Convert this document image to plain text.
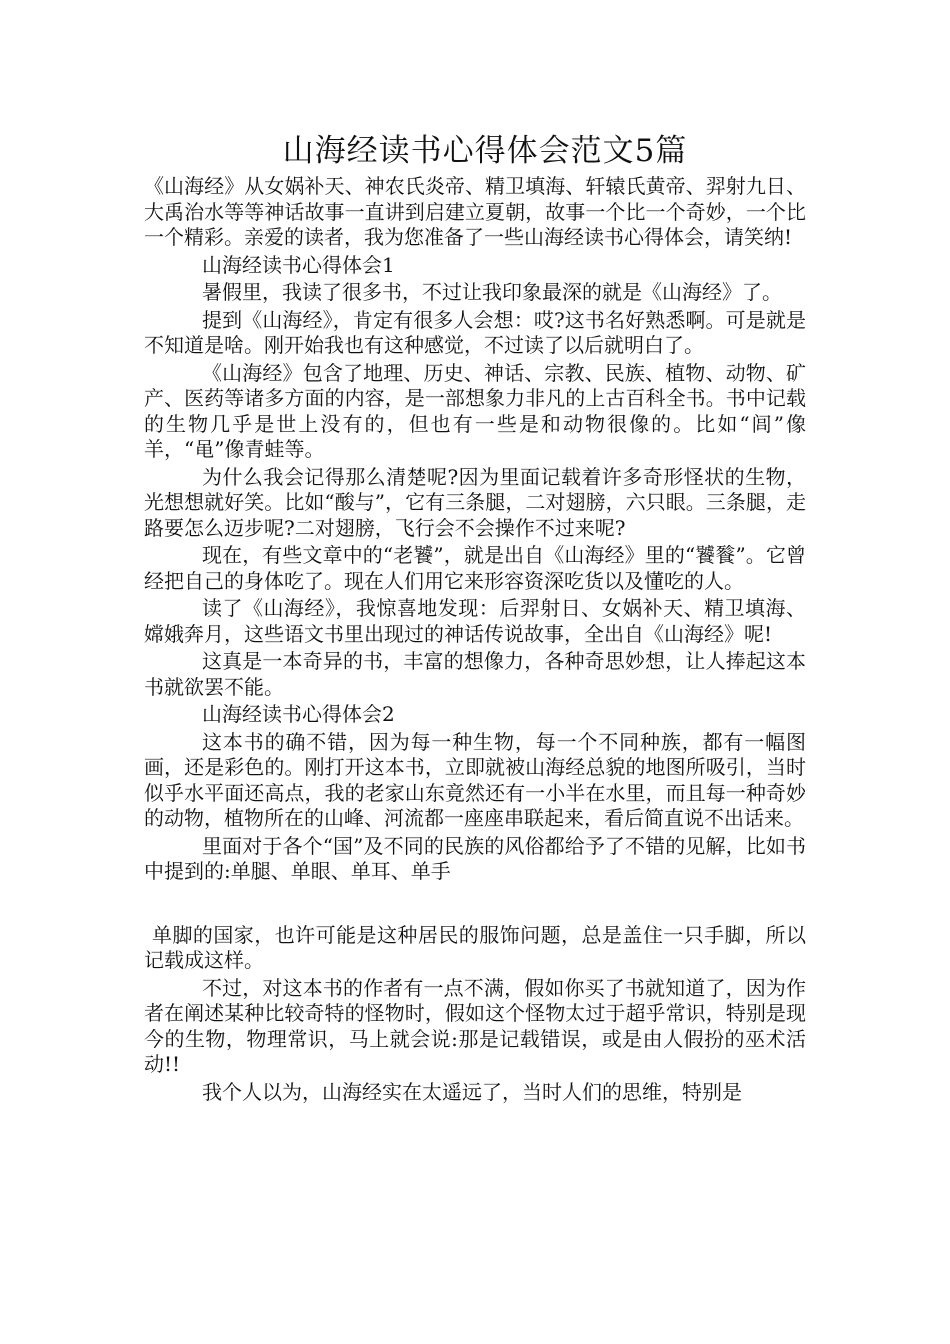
山海经读书心得体会范文5篇

《山海经》从女娲补天、神农氏炎帝、精卫填海、轩辕氏黄帝、羿射九日、大禹治水等等神话故事一直讲到启建立夏朝，故事一个比一个奇妙，一个比一个精彩。亲爱的读者，我为您准备了一些山海经读书心得体会，请笑纳!

山海经读书心得体会1

暑假里，我读了很多书，不过让我印象最深的就是《山海经》了。

提到《山海经》，肯定有很多人会想：哎?这书名好熟悉啊。可是就是不知道是啥。刚开始我也有这种感觉，不过读了以后就明白了。

《山海经》包含了地理、历史、神话、宗教、民族、植物、动物、矿产、医药等诸多方面的内容，是一部想象力非凡的上古百科全书。书中记载的生物几乎是世上没有的，但也有一些是和动物很像的。比如“闾”像羊，“黾”像青蛙等。

为什么我会记得那么清楚呢?因为里面记载着许多奇形怪状的生物，光想想就好笑。比如“酸与”，它有三条腿，二对翅膀，六只眼。三条腿，走路要怎么迈步呢?二对翅膀，飞行会不会操作不过来呢?

现在，有些文章中的“老饕”，就是出自《山海经》里的“饕餮”。它曾经把自己的身体吃了。现在人们用它来形容资深吃货以及懂吃的人。

读了《山海经》，我惊喜地发现：后羿射日、女娲补天、精卫填海、嫦娥奔月，这些语文书里出现过的神话传说故事，全出自《山海经》呢!

这真是一本奇异的书，丰富的想像力，各种奇思妙想，让人捧起这本书就欲罢不能。

山海经读书心得体会2

这本书的确不错，因为每一种生物，每一个不同种族，都有一幅图画，还是彩色的。刚打开这本书，立即就被山海经总貌的地图所吸引，当时似乎水平面还高点，我的老家山东竟然还有一小半在水里，而且每一种奇妙的动物，植物所在的山峰、河流都一座座串联起来，看后简直说不出话来。

里面对于各个“国”及不同的民族的风俗都给予了不错的见解，比如书中提到的:单腿、单眼、单耳、单手

单脚的国家，也许可能是这种居民的服饰问题，总是盖住一只手脚，所以记载成这样。

不过，对这本书的作者有一点不满，假如你买了书就知道了，因为作者在阐述某种比较奇特的怪物时，假如这个怪物太过于超乎常识，特别是现今的生物，物理常识，马上就会说:那是记载错误，或是由人假扮的巫术活动!!

我个人以为，山海经实在太遥远了，当时人们的思维，特别是
